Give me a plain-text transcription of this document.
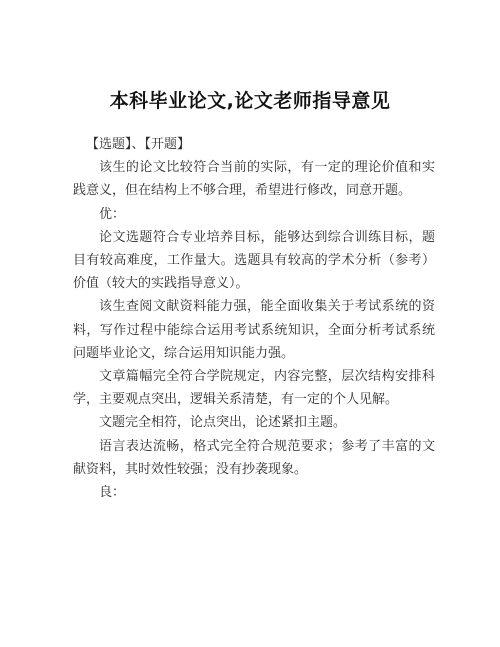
本科毕业论文,论文老师指导意见

【选题】、【开题】

该生的论文比较符合当前的实际，有一定的理论价值和实践意义，但在结构上不够合理，希望进行修改，同意开题。

优：

论文选题符合专业培养目标，能够达到综合训练目标，题目有较高难度，工作量大。选题具有较高的学术分析（参考）价值（较大的实践指导意义）。

该生查阅文献资料能力强，能全面收集关于考试系统的资料，写作过程中能综合运用考试系统知识，全面分析考试系统问题毕业论文，综合运用知识能力强。

文章篇幅完全符合学院规定，内容完整，层次结构安排科学，主要观点突出，逻辑关系清楚，有一定的个人见解。

文题完全相符，论点突出，论述紧扣主题。

语言表达流畅，格式完全符合规范要求；参考了丰富的文献资料，其时效性较强；没有抄袭现象。

良：
